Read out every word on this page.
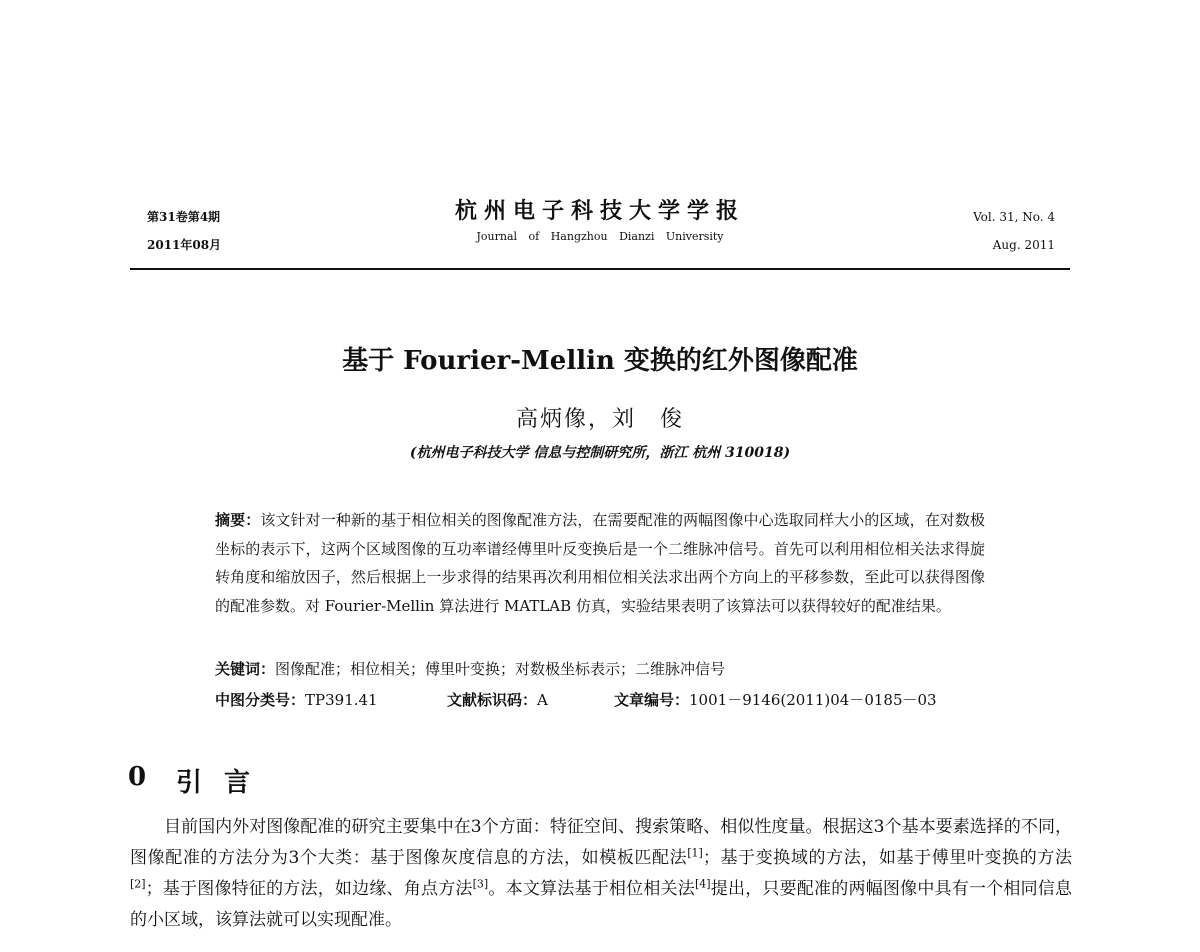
第31卷第4期
2011年08月
杭州电子科技大学学报
Journal of Hangzhou Dianzi University
Vol. 31, No. 4
Aug. 2011
基于 Fourier-Mellin 变换的红外图像配准
高炳像，刘　俊
(杭州电子科技大学 信息与控制研究所，浙江 杭州 310018)
摘要：该文针对一种新的基于相位相关的图像配准方法，在需要配准的两幅图像中心选取同样大小的区域，在对数极坐标的表示下，这两个区域图像的互功率谱经傅里叶反变换后是一个二维脉冲信号。首先可以利用相位相关法求得旋转角度和缩放因子，然后根据上一步求得的结果再次利用相位相关法求出两个方向上的平移参数，至此可以获得图像的配准参数。对 Fourier-Mellin 算法进行 MATLAB 仿真，实验结果表明了该算法可以获得较好的配准结果。
关键词：图像配准；相位相关；傅里叶变换；对数极坐标表示；二维脉冲信号
中图分类号：TP391.41	文献标识码：A	文章编号：1001－9146(2011)04－0185－03
0 引言
目前国内外对图像配准的研究主要集中在3个方面：特征空间、搜索策略、相似性度量。根据这3个基本要素选择的不同，图像配准的方法分为3个大类：基于图像灰度信息的方法，如模板匹配法[1]；基于变换域的方法，如基于傅里叶变换的方法[2]；基于图像特征的方法，如边缘、角点方法[3]。本文算法基于相位相关法[4]提出，只要配准的两幅图像中具有一个相同信息的小区域，该算法就可以实现配准。
